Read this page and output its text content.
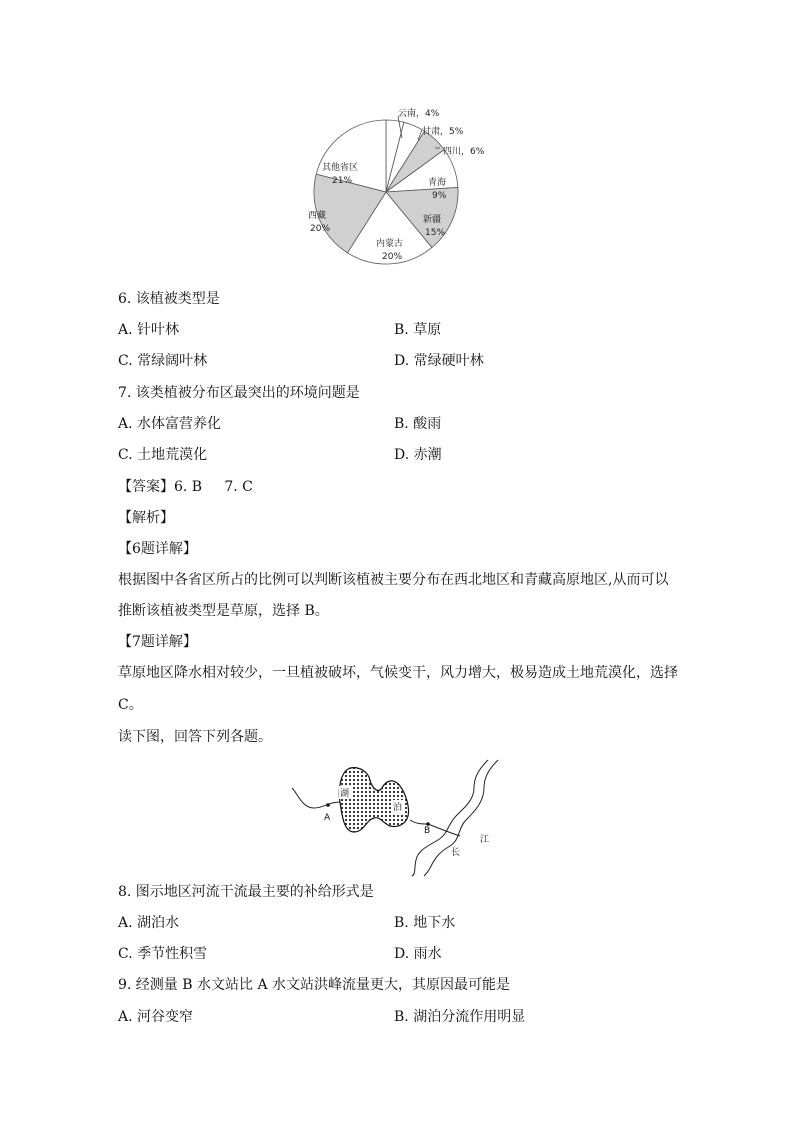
云南，4%
甘肃，5%
四川，6%
青海
9%
新疆
15%
内蒙古
20%
西藏
20%
其他省区
21%
6. 该植被类型是
A. 针叶林	B. 草原
C. 常绿阔叶林	D. 常绿硬叶林
7. 该类植被分布区最突出的环境问题是
A. 水体富营养化	B. 酸雨
C. 土地荒漠化	D. 赤潮
【答案】6. B     7. C
【解析】
【6题详解】
根据图中各省区所占的比例可以判断该植被主要分布在西北地区和青藏高原地区,从而可以
推断该植被类型是草原，选择 B。
【7题详解】
草原地区降水相对较少，一旦植被破坏，气候变干，风力增大，极易造成土地荒漠化，选择
C。
读下图，回答下列各题。
湖
泊
A
B
江
长
8. 图示地区河流干流最主要的补给形式是
A. 湖泊水	B. 地下水
C. 季节性积雪	D. 雨水
9. 经测量 B 水文站比 A 水文站洪峰流量更大，其原因最可能是
A. 河谷变窄	B. 湖泊分流作用明显
